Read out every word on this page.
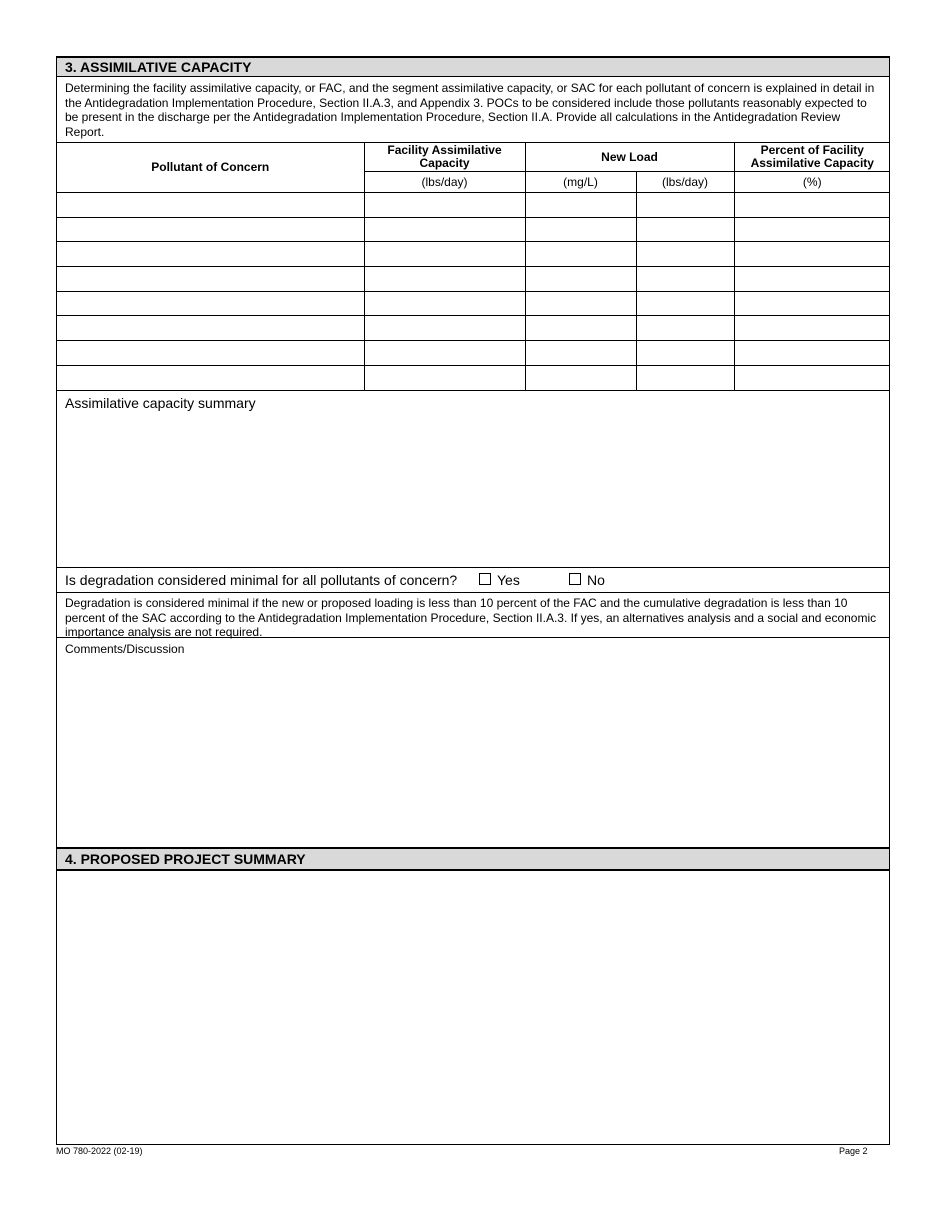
3. ASSIMILATIVE CAPACITY
Determining the facility assimilative capacity, or FAC, and the segment assimilative capacity, or SAC for each pollutant of concern is explained in detail in the Antidegradation Implementation Procedure, Section II.A.3, and Appendix 3. POCs to be considered include those pollutants reasonably expected to be present in the discharge per the Antidegradation Implementation Procedure, Section II.A. Provide all calculations in the Antidegradation Review Report.
Pollutant of Concern	Facility Assimilative Capacity	New Load		Percent of Facility Assimilative Capacity
	(lbs/day)	(mg/L)	(lbs/day)	(%)

Assimilative capacity summary
Is degradation considered minimal for all pollutants of concern?	Yes	No
Degradation is considered minimal if the new or proposed loading is less than 10 percent of the FAC and the cumulative degradation is less than 10 percent of the SAC according to the Antidegradation Implementation Procedure, Section II.A.3. If yes, an alternatives analysis and a social and economic importance analysis are not required.
Comments/Discussion
4. PROPOSED PROJECT SUMMARY
MO 780-2022 (02-19)	Page 2
